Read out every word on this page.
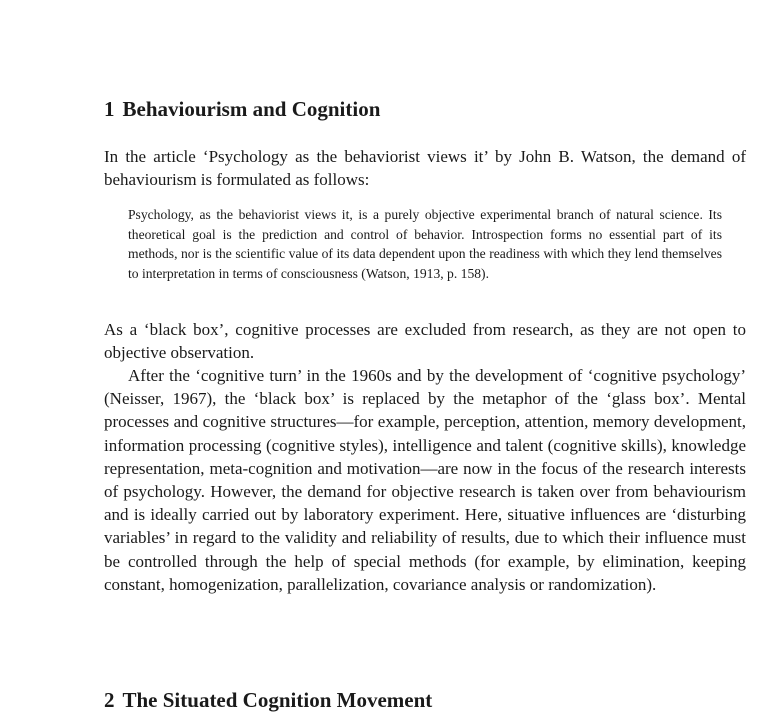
1 Behaviourism and Cognition

In the article ‘Psychology as the behaviorist views it’ by John B. Watson, the demand of behaviourism is formulated as follows:

Psychology, as the behaviorist views it, is a purely objective experimental branch of natural science. Its theoretical goal is the prediction and control of behavior. Introspection forms no essential part of its methods, nor is the scientific value of its data dependent upon the readiness with which they lend themselves to interpretation in terms of consciousness (Watson, 1913, p. 158).

As a ‘black box’, cognitive processes are excluded from research, as they are not open to objective observation.

After the ‘cognitive turn’ in the 1960s and by the development of ‘cognitive psychology’ (Neisser, 1967), the ‘black box’ is replaced by the metaphor of the ‘glass box’. Mental processes and cognitive structures—for example, perception, attention, memory development, information processing (cognitive styles), intelligence and talent (cognitive skills), knowledge representation, meta-cognition and motivation—are now in the focus of the research interests of psychology. However, the demand for objective research is taken over from behaviourism and is ideally carried out by laboratory experiment. Here, situative influences are ‘disturbing variables’ in regard to the validity and reliability of results, due to which their influence must be controlled through the help of special methods (for example, by elimination, keeping constant, homogenization, parallelization, covariance analysis or randomization).

2 The Situated Cognition Movement
